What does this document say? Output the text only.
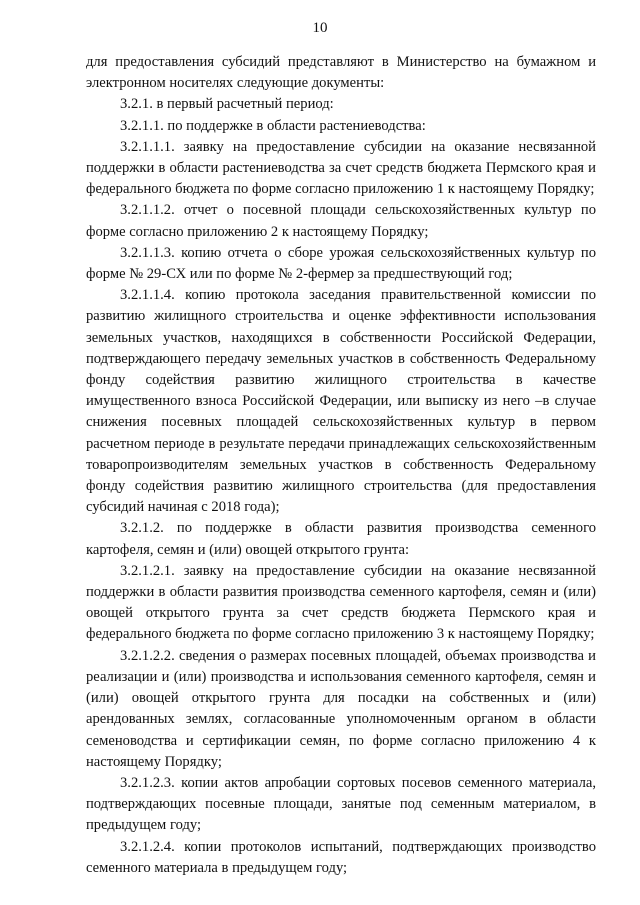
10

для предоставления субсидий представляют в Министерство на бумажном и электронном носителях следующие документы:

3.2.1. в первый расчетный период:

3.2.1.1. по поддержке в области растениеводства:

3.2.1.1.1. заявку на предоставление субсидии на оказание несвязанной поддержки в области растениеводства за счет средств бюджета Пермского края и федерального бюджета по форме согласно приложению 1 к настоящему Порядку;

3.2.1.1.2. отчет о посевной площади сельскохозяйственных культур по форме согласно приложению 2 к настоящему Порядку;

3.2.1.1.3. копию отчета о сборе урожая сельскохозяйственных культур по форме № 29-СХ или по форме № 2-фермер за предшествующий год;

3.2.1.1.4. копию протокола заседания правительственной комиссии по развитию жилищного строительства и оценке эффективности использования земельных участков, находящихся в собственности Российской Федерации, подтверждающего передачу земельных участков в собственность Федеральному фонду содействия развитию жилищного строительства в качестве имущественного взноса Российской Федерации, или выписку из него –в случае снижения посевных площадей сельскохозяйственных культур в первом расчетном периоде в результате передачи принадлежащих сельскохозяйственным товаропроизводителям земельных участков в собственность Федеральному фонду содействия развитию жилищного строительства (для предоставления субсидий начиная с 2018 года);

3.2.1.2. по поддержке в области развития производства семенного картофеля, семян и (или) овощей открытого грунта:

3.2.1.2.1. заявку на предоставление субсидии на оказание несвязанной поддержки в области развития производства семенного картофеля, семян и (или) овощей открытого грунта за счет средств бюджета Пермского края и федерального бюджета по форме согласно приложению 3 к настоящему Порядку;

3.2.1.2.2. сведения о размерах посевных площадей, объемах производства и реализации и (или) производства и использования семенного картофеля, семян и (или) овощей открытого грунта для посадки на собственных и (или) арендованных землях, согласованные уполномоченным органом в области семеноводства и сертификации семян, по форме согласно приложению 4 к настоящему Порядку;

3.2.1.2.3. копии актов апробации сортовых посевов семенного материала, подтверждающих посевные площади, занятые под семенным материалом, в предыдущем году;

3.2.1.2.4. копии протоколов испытаний, подтверждающих производство семенного материала в предыдущем году;
